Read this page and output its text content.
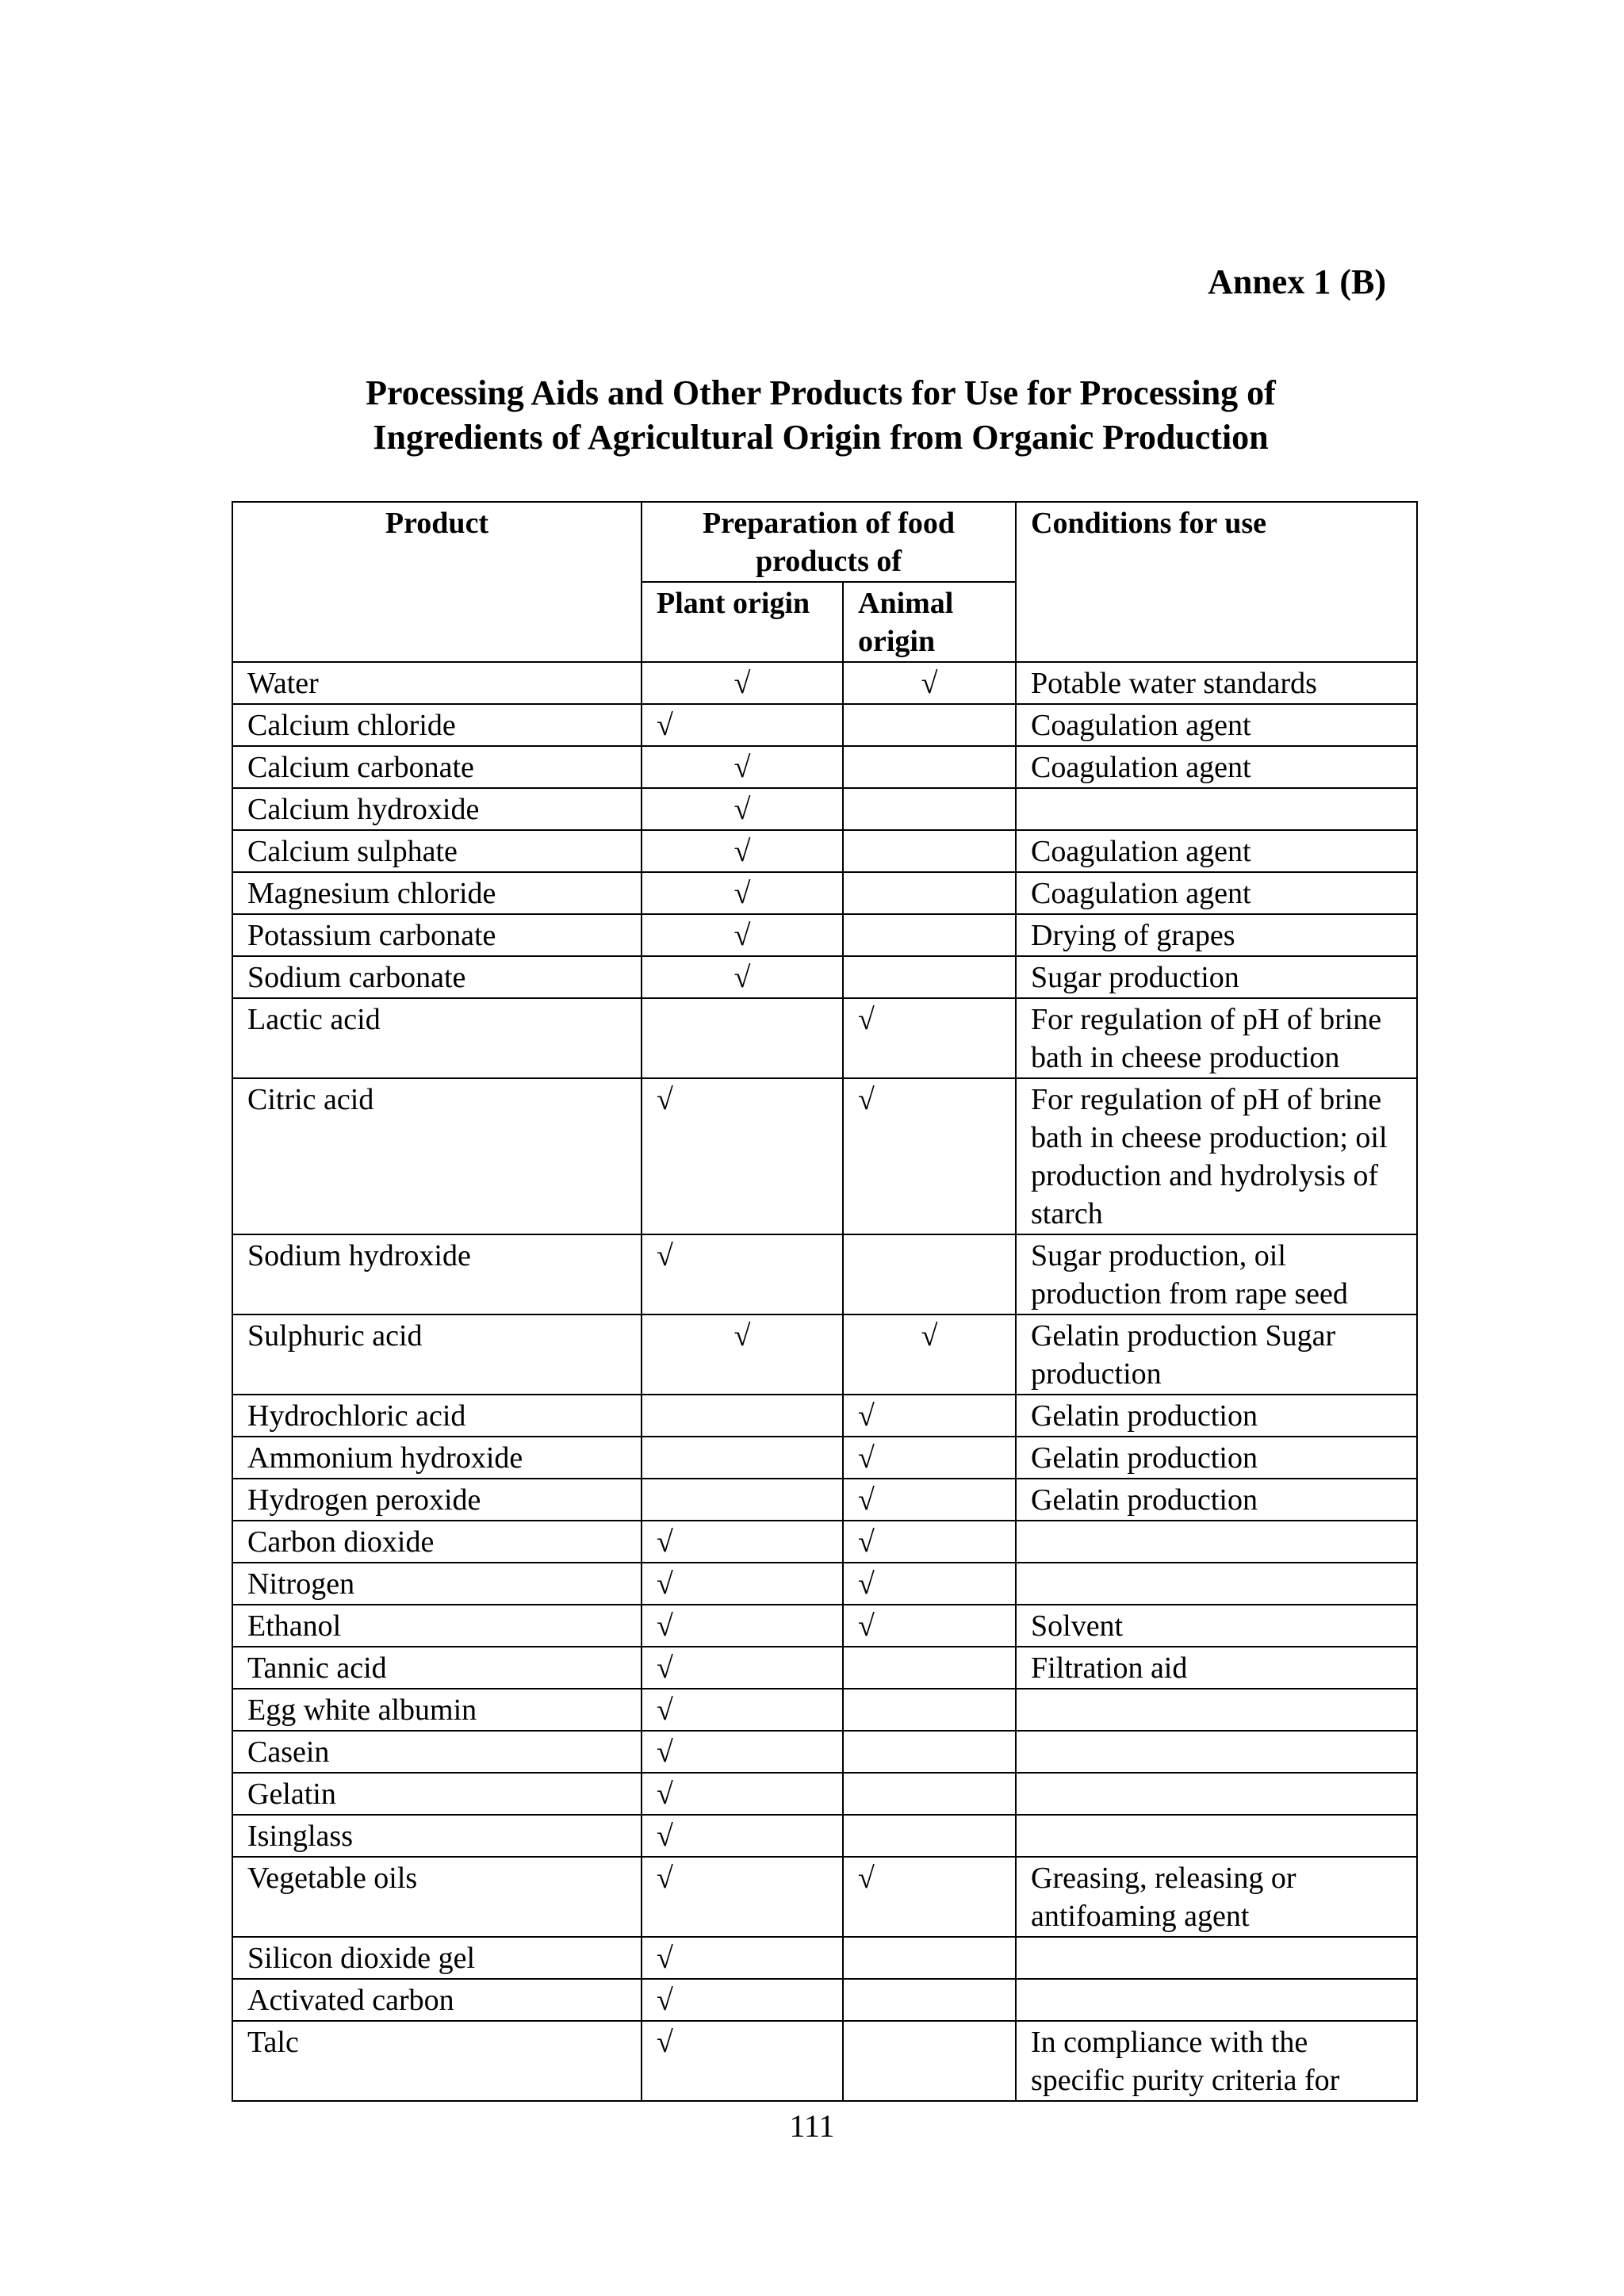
Annex 1 (B)
Processing Aids and Other Products for Use for Processing of
Ingredients of Agricultural Origin from Organic Production
Product	Preparation of food products of		Conditions for use
	Plant origin	Animal origin	
Water	√	√	Potable water standards
Calcium chloride	√		Coagulation agent
Calcium carbonate	√		Coagulation agent
Calcium hydroxide	√		
Calcium sulphate	√		Coagulation agent
Magnesium chloride	√		Coagulation agent
Potassium carbonate	√		Drying of grapes
Sodium carbonate	√		Sugar production
Lactic acid		√	For regulation of pH of brine bath in cheese production
Citric acid	√	√	For regulation of pH of brine bath in cheese production; oil production and hydrolysis of starch
Sodium hydroxide	√		Sugar production, oil production from rape seed
Sulphuric acid	√	√	Gelatin production Sugar production
Hydrochloric acid		√	Gelatin production
Ammonium hydroxide		√	Gelatin production
Hydrogen peroxide		√	Gelatin production
Carbon dioxide	√	√	
Nitrogen	√	√	
Ethanol	√	√	Solvent
Tannic acid	√		Filtration aid
Egg white albumin	√		
Casein	√		
Gelatin	√		
Isinglass	√		
Vegetable oils	√	√	Greasing, releasing or antifoaming agent
Silicon dioxide gel	√		
Activated carbon	√		
Talc	√		In compliance with the specific purity criteria for
111
